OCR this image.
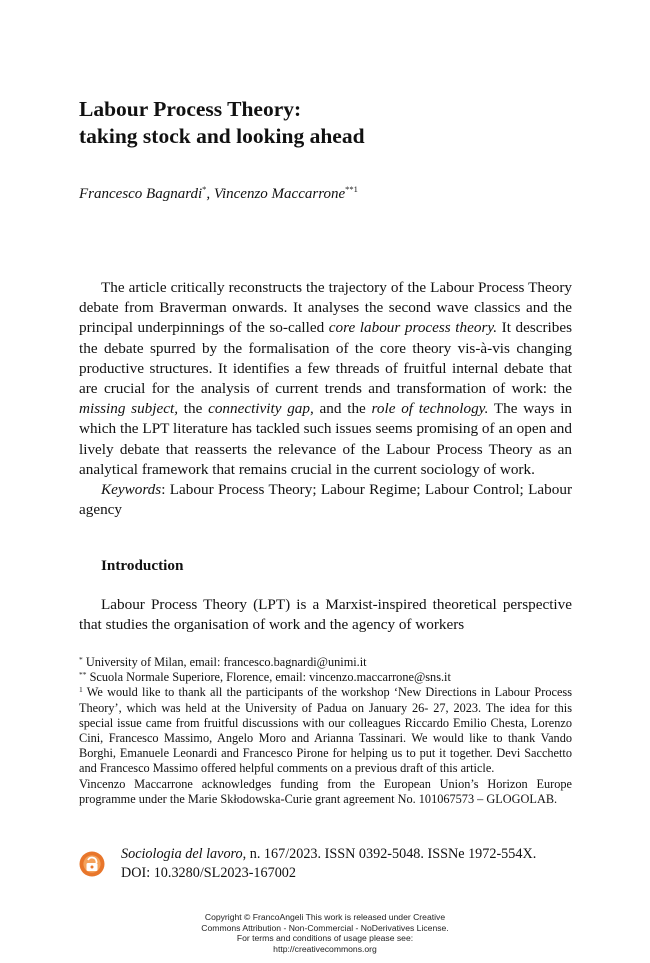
Labour Process Theory:
taking stock and looking ahead
Francesco Bagnardi*, Vincenzo Maccarrone$^{**1}$

The article critically reconstructs the trajectory of the Labour Process Theory debate from Braverman onwards. It analyses the second wave classics and the principal underpinnings of the so-called core labour process theory. It describes the debate spurred by the formalisation of the core theory vis-à-vis changing productive structures. It identifies a few threads of fruitful internal debate that are crucial for the analysis of current trends and transformation of work: the missing subject, the connectivity gap, and the role of technology. The ways in which the LPT literature has tackled such issues seems promising of an open and lively debate that reasserts the relevance of the Labour Process Theory as an analytical framework that remains crucial in the current sociology of work.

Keywords: Labour Process Theory; Labour Regime; Labour Control; Labour agency

Introduction

Labour Process Theory (LPT) is a Marxist-inspired theoretical perspective that studies the organisation of work and the agency of workers

* University of Milan, email: francesco.bagnardi@unimi.it

** Scuola Normale Superiore, Florence, email: vincenzo.maccarrone@sns.it

$^1$ We would like to thank all the participants of the workshop ‘New Directions in Labour Process Theory’, which was held at the University of Padua on January 26- 27, 2023. The idea for this special issue came from fruitful discussions with our colleagues Riccardo Emilio Chesta, Lorenzo Cini, Francesco Massimo, Angelo Moro and Arianna Tassinari. We would like to thank Vando Borghi, Emanuele Leonardi and Francesco Pirone for helping us to put it together. Devi Sacchetto and Francesco Massimo offered helpful comments on a previous draft of this article.

Vincenzo Maccarrone acknowledges funding from the European Union’s Horizon Europe programme under the Marie Skłodowska-Curie grant agreement No. 101067573 – GLOGOLAB.

Sociologia del lavoro, n. 167/2023. ISSN 0392-5048. ISSNe 1972-554X.
DOI: 10.3280/SL2023-167002
Copyright © FrancoAngeli This work is released under Creative
Commons Attribution - Non-Commercial - NoDerivatives License.
For terms and conditions of usage please see:
http://creativecommons.org
